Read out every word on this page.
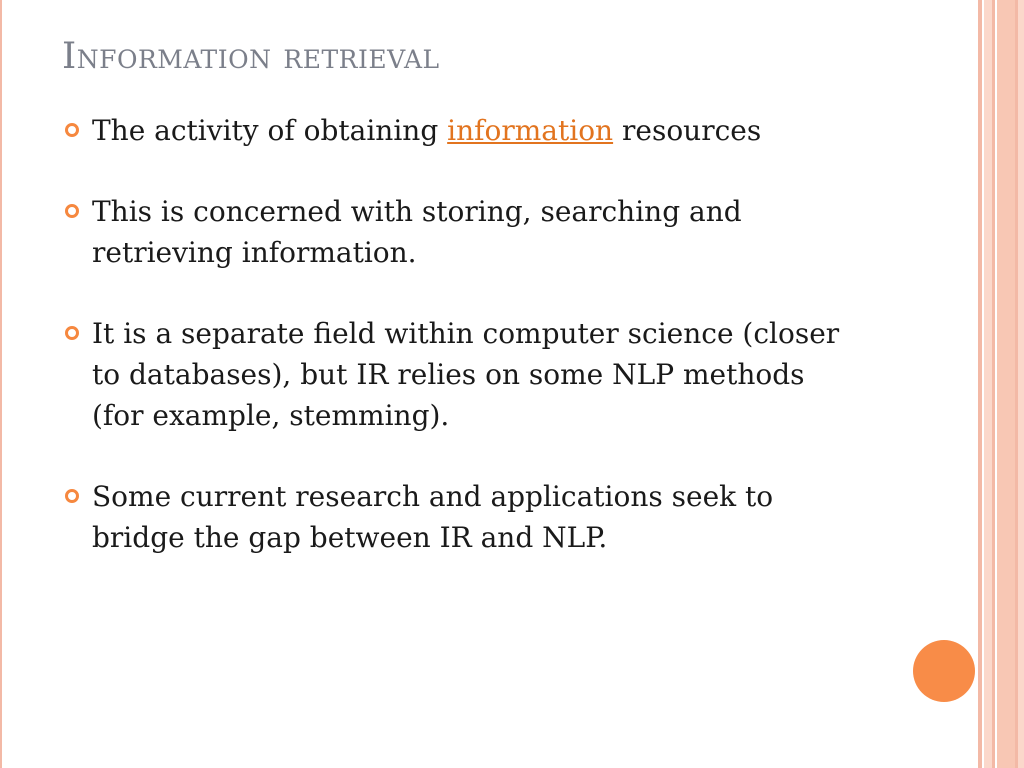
Information retrieval
The activity of obtaining information resources
This is concerned with storing, searching and retrieving information.
It is a separate field within computer science (closer to databases), but IR relies on some NLP methods (for example, stemming).
Some current research and applications seek to bridge the gap between IR and NLP.
